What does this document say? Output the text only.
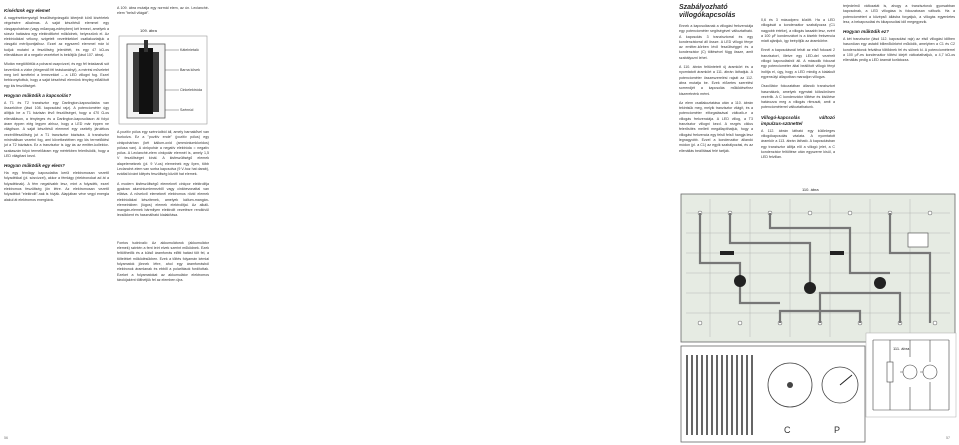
Kísérlünk egy elemet

A nagyérzékenységű feszültségvizsgáló kiterjedt körű kísérletek végzésére alkalmas. A saját készítésű elemmel egy vizsgapohárban (vagy műanyag-edényben) két lemezt, amelyek a sósvíz hatására egy elektrolitként működnek, helyezzünk el. Az elektródákat vékony, szigetelt vezetékekkel csatlakoztatjuk a vizsgáló mérőpontjaihoz. Ezzel az egyszerű elemmel már ki tudjuk mutatni a feszültség jelenlétét, és egy 47 kΩ-os ellenálláson át a negatív vezetéket is bekötjük (lásd 107. ábra).

Miután megtöltöttük a poharat csapvízzel, és egy fél teáskanál sót kevertünk a vízbe (elegendő fél teáskanálnyi), a mérési műveletet meg kell ismételni a lemezekkel – a LED villogni fog. Ezzel bebizonyítottuk, hogy a saját készítésű elemünk tényleg előállított egy kis feszültséget.

Hogyan működik a kapcsolás?

A T1 és T2 tranzisztor egy Darlington-kapcsolásba van összekötve (lásd 108. kapcsolási rajz). A potenciométer úgy állítjuk be a T1 bázisán lévő feszültséget, hogy a 470 Ω-os ellenálláson, a tényleges és a Darlington-kapcsoláson át folyó áram éppen elég legyen ahhoz, hogy a LED már éppen ne világítson. A saját készítésű elemmel egy csekély járulékos vezérlőfeszültség jut a T1 tranzisztor bázisára. A tranzisztor minimálisan vezetni fog, ami következtében egy kis termelődési jut a T2 bázisára. Ez a tranzisztor is úgy ás az emitter-kollektor-szakaszán folyó termelőáram egy mértékben felerősödik, hogy a LED világítani kezd.

Hogyan működik egy elem?

Ha egy fémlágy kapcsolatba kerül elektromosan vezető folyadékkal (pl. sósvízzel), akkor a fémlágy (elektronokat ad át a folyadéknak). A fém negatívabb lesz, mint a folyadék, ezzel elektromos feszültség jön létre. Az elektromosan vezető folyadékot "elektrolit"-nak is hívják. Alapjában véve vegyi energia alakul át elektromos energiává.

A 109. ábra mutatja egy normál elem, az ún. Leclanché-elem "belső világát".

109. ábra
Kátelnietaló
Barna kövek
Cinkelektróda
Szénrúd

A pozitív pólus egy szénrúdból áll, amely barnakővel van burkolva. Ez a "pozitív ende" (pozitív pólus) egy cinkpohárban (két kálium-oxid (ammóniumkloridos) pólusa van). A cinkpohár a negatív elektróda = negatív pólus. A Leclanché-elem cinkpolár elemnél is, amely 1,5 V feszültséget kínál. A kisfeszültségű elemek alapelemeknek (pl. 9 V-os) elemeinek egy ilyen, több Leclanché-elem van sorba kapcsolva (9 V-hoz hat darab), ezáltal kívánt kilépés feszültség között hat elemek.

A modern kisfeszültségű elemeknél cinkpor elektrolitja gyakran alumíniumlemezből vagy cinkbevonattal van ellátva. A növekvő elemeknél elektromos rövid elemek elektródákat készítenek, amelyek kálium-mangán-elemeinkben (lúgos) elemek elektrolitjai. Az alkáli-mangán-elemek bármilyen elektrolit vezetésre rendkívül lecsökkent és használható kialakítása.

Fontos tudnivaló: Az akkumulátorok (akkumulátor elemek) szintén a fent leírt elvek szerint működnek. Ezek feltölthetők és a külső áramforrás előtti hatást tölt fel, a tölteléket működésükben. Ezek a töltés folyamán kémiai folyamatok jönnek létre, ahol egy áramforrásból elektronok áramlanak és ebből a polaritások fordítottak. Ezeket a folyamatokat az akkumulátor elektromos tárolójaként tölthetjük fel az elemben újra.

56
Szabályozható
villogókapcsolás

Ennek a kapcsolásnak a villogási frekvenciája egy potenciométer segítségével változtatható. A kapcsolás 3 tranzisztorral és egy kondenzátorral áll össze. A LED villogó fénye az emitter-körben lévő feszültséggel és a kondenzátor (C) töltésével függ össze, amit szabályozni lehet.

A 110. ábrán feltüntetett új áramkört és a nyomtatott áramkört a 111. ábrán láthatjuk. A potenciométer összeszerelési rajzát az 112. ábra mutatja be. Ezek előzetes szerelési sorrendjét a kapcsolás működéséhez kiszeretnénk mérni.

Az elem csatlakoztatása után a 110. ábrán tekintsük meg, melyik tranzisztor világít, és a potenciométer elforgatásával változik-e a villogás frekvenciája. A LED villog, a T3 tranzisztor villogni kezd. A rezgés ciklus felerősítés mellett megállapíthatjuk, hogy a villogási frekvencia egy felső felső hangja lesz legnagyobb. Ezzel a kondenzátor állandó módon (pl. a C1) az egyik szabályozási, és az ellenállás beállításai felé tartják.

0,6 és 3 másodperc között. Ha a LED villogását a kondenzátor szabályozza (C1 nagyobb értéke), a villogás lassabb lesz, ezért a 100 μF kondenzátort is a kisebb frekvencia miatt ajánljuk, így beépítjük az áramkörbe.

Ennél a kapcsolásnál tehát az első fokozat 2 tranzisztort, illetve egy LED-del vezérelt villogó kapcsolásból áll. A második fokozat egy potenciométer által beállított villogó fényt indítja el, úgy, hogy a LED mindig a kialakult egyensúlyi állapotban maradjon villogva.

Oszcillátor fokozatában állandó tranzisztort használunk, amelyek egymást kölcsönösen vezérlik. A C kondenzátor töltése és kisütése határozza meg a villogás ritmusát, amit a potenciométerrel változtathatunk.

Villogó-kapcsolás változó impulzus-szünettel

A 112. ábrán látható egy különleges villogókapcsolás vázlata. A nyomtatott áramkör a 113. ábrán látható. A kapcsolásban egy tranzisztor állítja elő a villogó jelet, a C kondenzátor feltöltése után egyszerre kisül, a LED felvillan.

terjedelmű változatát is, ahogy a tranzisztorok gyorsabban kapcsolnak, a LED villogása is fokozatosan változik. Ha a potenciométert a középső állásba forgatjuk, a villogás egyenletes lesz, a bekapcsolási és kikapcsolási idő megegyezik.

Hogyan működik ez?

A két tranzisztor (lásd 112. kapcsolási rajz) az első villogási időben hasonlóan egy astabil billenőkörként működik, amelyben a C1 és C2 kondenzátorok felváltva töltődnek fel és sülnek ki. A potenciométerrel a 100 μF-es kondenzátor töltési idejét változtathatjuk, a 4,7 kΩ-os ellenállás pedig a LED áramát korlátozza.

110. ábra
111. ábra
C	P
57
